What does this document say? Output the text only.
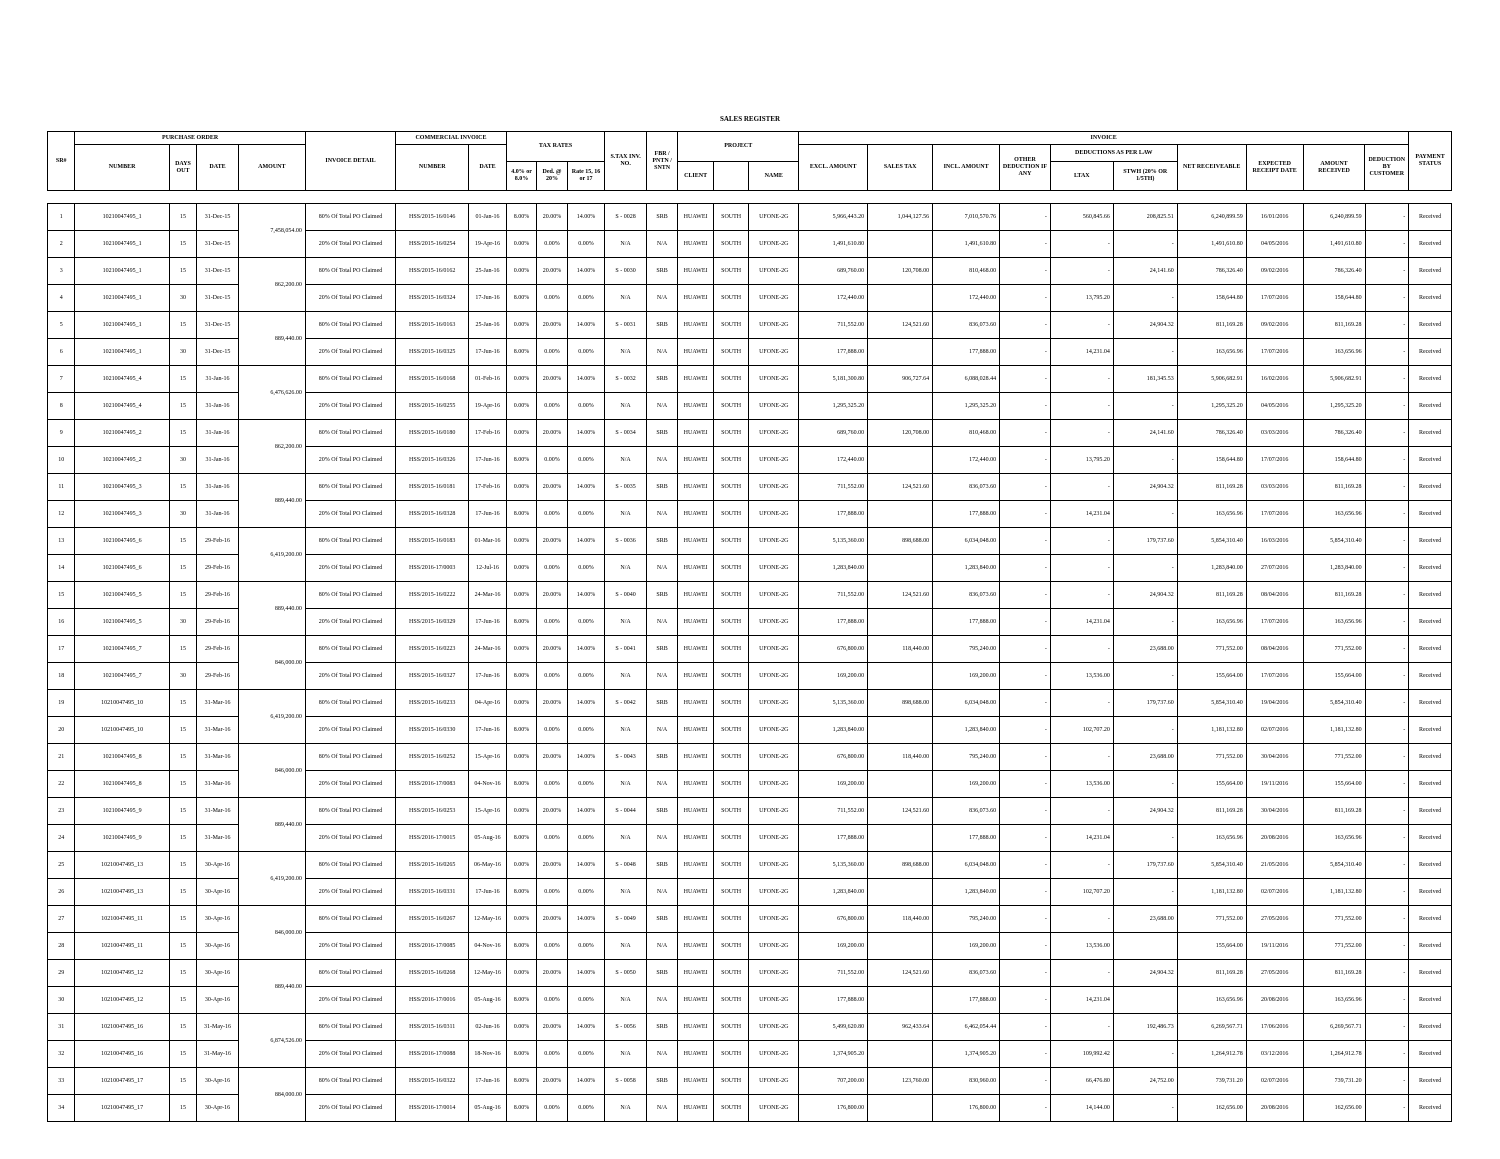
SALES REGISTER
SR#	PURCHASE ORDER				INVOICE DETAIL	COMMERCIAL INVOICE		TAX RATES			S.TAX INV. NO.	FBR / PNTN / SNTN	PROJECT			INVOICE										PAYMENT STATUS
	NUMBER	DAYS OUT	DATE	AMOUNT		NUMBER	DATE									EXCL. AMOUNT	SALES TAX	INCL. AMOUNT	OTHER DEDUCTION IF ANY	DEDUCTIONS AS PER LAW		NET RECEIVEABLE	EXPECTED RECEIPT DATE	AMOUNT RECEIVED	DEDUCTION BY CUSTOMER	
								4.0% or 8.0%	Ded. @ 20%	Rate 15, 16 or 17			CLIENT		NAME					LTAX	STWH (20% OR 1/5TH)					
1	10210047495_1	15	31-Dec-15	7,458,054.00	80% Of Total PO Claimed	HSS/2015-16/0146	01-Jan-16	8.00%	20.00%	14.00%	S - 0028	SRB	HUAWEI	SOUTH	UFONE-2G	5,966,443.20	1,044,127.56	7,010,570.76	-	560,845.66	208,825.51	6,240,899.59	16/01/2016	6,240,899.59	-	Received
2	10210047495_1	15	31-Dec-15		20% Of Total PO Claimed	HSS/2015-16/0254	19-Apr-16	0.00%	0.00%	0.00%	N/A	N/A	HUAWEI	SOUTH	UFONE-2G	1,491,610.80		1,491,610.80	-	-	-	1,491,610.80	04/05/2016	1,491,610.80	-	Received
3	10210047495_1	15	31-Dec-15	862,200.00	80% Of Total PO Claimed	HSS/2015-16/0162	25-Jan-16	0.00%	20.00%	14.00%	S - 0030	SRB	HUAWEI	SOUTH	UFONE-2G	689,760.00	120,708.00	810,468.00	-	-	24,141.60	786,326.40	09/02/2016	786,326.40	-	Received
4	10210047495_1	30	31-Dec-15		20% Of Total PO Claimed	HSS/2015-16/0324	17-Jun-16	8.00%	0.00%	0.00%	N/A	N/A	HUAWEI	SOUTH	UFONE-2G	172,440.00		172,440.00	-	13,795.20	-	158,644.80	17/07/2016	158,644.80	-	Received
5	10210047495_1	15	31-Dec-15	889,440.00	80% Of Total PO Claimed	HSS/2015-16/0163	25-Jan-16	0.00%	20.00%	14.00%	S - 0031	SRB	HUAWEI	SOUTH	UFONE-2G	711,552.00	124,521.60	836,073.60	-	-	24,904.32	811,169.28	09/02/2016	811,169.28	-	Received
6	10210047495_1	30	31-Dec-15		20% Of Total PO Claimed	HSS/2015-16/0325	17-Jun-16	8.00%	0.00%	0.00%	N/A	N/A	HUAWEI	SOUTH	UFONE-2G	177,888.00		177,888.00	-	14,231.04	-	163,656.96	17/07/2016	163,656.96	-	Received
7	10210047495_4	15	31-Jan-16	6,476,626.00	80% Of Total PO Claimed	HSS/2015-16/0168	01-Feb-16	0.00%	20.00%	14.00%	S - 0032	SRB	HUAWEI	SOUTH	UFONE-2G	5,181,300.80	906,727.64	6,088,028.44	-	-	181,345.53	5,906,682.91	16/02/2016	5,906,682.91	-	Received
8	10210047495_4	15	31-Jan-16		20% Of Total PO Claimed	HSS/2015-16/0255	19-Apr-16	0.00%	0.00%	0.00%	N/A	N/A	HUAWEI	SOUTH	UFONE-2G	1,295,325.20		1,295,325.20	-	-	-	1,295,325.20	04/05/2016	1,295,325.20	-	Received
9	10210047495_2	15	31-Jan-16	862,200.00	80% Of Total PO Claimed	HSS/2015-16/0180	17-Feb-16	0.00%	20.00%	14.00%	S - 0034	SRB	HUAWEI	SOUTH	UFONE-2G	689,760.00	120,708.00	810,468.00	-	-	24,141.60	786,326.40	03/03/2016	786,326.40	-	Received
10	10210047495_2	30	31-Jan-16		20% Of Total PO Claimed	HSS/2015-16/0326	17-Jun-16	8.00%	0.00%	0.00%	N/A	N/A	HUAWEI	SOUTH	UFONE-2G	172,440.00		172,440.00	-	13,795.20	-	158,644.80	17/07/2016	158,644.80	-	Received
11	10210047495_3	15	31-Jan-16	889,440.00	80% Of Total PO Claimed	HSS/2015-16/0181	17-Feb-16	0.00%	20.00%	14.00%	S - 0035	SRB	HUAWEI	SOUTH	UFONE-2G	711,552.00	124,521.60	836,073.60	-	-	24,904.32	811,169.28	03/03/2016	811,169.28	-	Received
12	10210047495_3	30	31-Jan-16		20% Of Total PO Claimed	HSS/2015-16/0328	17-Jun-16	8.00%	0.00%	0.00%	N/A	N/A	HUAWEI	SOUTH	UFONE-2G	177,888.00		177,888.00	-	14,231.04	-	163,656.96	17/07/2016	163,656.96	-	Received
13	10210047495_6	15	29-Feb-16	6,419,200.00	80% Of Total PO Claimed	HSS/2015-16/0183	01-Mar-16	0.00%	20.00%	14.00%	S - 0036	SRB	HUAWEI	SOUTH	UFONE-2G	5,135,360.00	898,688.00	6,034,048.00	-	-	179,737.60	5,854,310.40	16/03/2016	5,854,310.40	-	Received
14	10210047495_6	15	29-Feb-16		20% Of Total PO Claimed	HSS/2016-17/0003	12-Jul-16	0.00%	0.00%	0.00%	N/A	N/A	HUAWEI	SOUTH	UFONE-2G	1,283,840.00		1,283,840.00	-	-	-	1,283,840.00	27/07/2016	1,283,840.00	-	Received
15	10210047495_5	15	29-Feb-16	889,440.00	80% Of Total PO Claimed	HSS/2015-16/0222	24-Mar-16	0.00%	20.00%	14.00%	S - 0040	SRB	HUAWEI	SOUTH	UFONE-2G	711,552.00	124,521.60	836,073.60	-	-	24,904.32	811,169.28	08/04/2016	811,169.28	-	Received
16	10210047495_5	30	29-Feb-16		20% Of Total PO Claimed	HSS/2015-16/0329	17-Jun-16	8.00%	0.00%	0.00%	N/A	N/A	HUAWEI	SOUTH	UFONE-2G	177,888.00		177,888.00	-	14,231.04	-	163,656.96	17/07/2016	163,656.96	-	Received
17	10210047495_7	15	29-Feb-16	846,000.00	80% Of Total PO Claimed	HSS/2015-16/0223	24-Mar-16	0.00%	20.00%	14.00%	S - 0041	SRB	HUAWEI	SOUTH	UFONE-2G	676,800.00	118,440.00	795,240.00	-	-	23,688.00	771,552.00	08/04/2016	771,552.00	-	Received
18	10210047495_7	30	29-Feb-16		20% Of Total PO Claimed	HSS/2015-16/0327	17-Jun-16	8.00%	0.00%	0.00%	N/A	N/A	HUAWEI	SOUTH	UFONE-2G	169,200.00		169,200.00	-	13,536.00	-	155,664.00	17/07/2016	155,664.00	-	Received
19	10210047495_10	15	31-Mar-16	6,419,200.00	80% Of Total PO Claimed	HSS/2015-16/0233	04-Apr-16	0.00%	20.00%	14.00%	S - 0042	SRB	HUAWEI	SOUTH	UFONE-2G	5,135,360.00	898,688.00	6,034,048.00	-	-	179,737.60	5,854,310.40	19/04/2016	5,854,310.40	-	Received
20	10210047495_10	15	31-Mar-16		20% Of Total PO Claimed	HSS/2015-16/0330	17-Jun-16	8.00%	0.00%	0.00%	N/A	N/A	HUAWEI	SOUTH	UFONE-2G	1,283,840.00		1,283,840.00	-	102,707.20	-	1,181,132.80	02/07/2016	1,181,132.80	-	Received
21	10210047495_8	15	31-Mar-16	846,000.00	80% Of Total PO Claimed	HSS/2015-16/0252	15-Apr-16	0.00%	20.00%	14.00%	S - 0043	SRB	HUAWEI	SOUTH	UFONE-2G	676,800.00	118,440.00	795,240.00	-	-	23,688.00	771,552.00	30/04/2016	771,552.00	-	Received
22	10210047495_8	15	31-Mar-16		20% Of Total PO Claimed	HSS/2016-17/0083	04-Nov-16	8.00%	0.00%	0.00%	N/A	N/A	HUAWEI	SOUTH	UFONE-2G	169,200.00		169,200.00	-	13,536.00	-	155,664.00	19/11/2016	155,664.00	-	Received
23	10210047495_9	15	31-Mar-16	889,440.00	80% Of Total PO Claimed	HSS/2015-16/0253	15-Apr-16	0.00%	20.00%	14.00%	S - 0044	SRB	HUAWEI	SOUTH	UFONE-2G	711,552.00	124,521.60	836,073.60	-	-	24,904.32	811,169.28	30/04/2016	811,169.28	-	Received
24	10210047495_9	15	31-Mar-16		20% Of Total PO Claimed	HSS/2016-17/0015	05-Aug-16	8.00%	0.00%	0.00%	N/A	N/A	HUAWEI	SOUTH	UFONE-2G	177,888.00		177,888.00	-	14,231.04	-	163,656.96	20/08/2016	163,656.96	-	Received
25	10210047495_13	15	30-Apr-16	6,419,200.00	80% Of Total PO Claimed	HSS/2015-16/0265	06-May-16	0.00%	20.00%	14.00%	S - 0048	SRB	HUAWEI	SOUTH	UFONE-2G	5,135,360.00	898,688.00	6,034,048.00	-	-	179,737.60	5,854,310.40	21/05/2016	5,854,310.40	-	Received
26	10210047495_13	15	30-Apr-16		20% Of Total PO Claimed	HSS/2015-16/0331	17-Jun-16	8.00%	0.00%	0.00%	N/A	N/A	HUAWEI	SOUTH	UFONE-2G	1,283,840.00		1,283,840.00	-	102,707.20	-	1,181,132.80	02/07/2016	1,181,132.80	-	Received
27	10210047495_11	15	30-Apr-16	846,000.00	80% Of Total PO Claimed	HSS/2015-16/0267	12-May-16	0.00%	20.00%	14.00%	S - 0049	SRB	HUAWEI	SOUTH	UFONE-2G	676,800.00	118,440.00	795,240.00	-	-	23,688.00	771,552.00	27/05/2016	771,552.00	-	Received
28	10210047495_11	15	30-Apr-16		20% Of Total PO Claimed	HSS/2016-17/0085	04-Nov-16	8.00%	0.00%	0.00%	N/A	N/A	HUAWEI	SOUTH	UFONE-2G	169,200.00		169,200.00	-	13,536.00		155,664.00	19/11/2016	771,552.00	-	Received
29	10210047495_12	15	30-Apr-16	889,440.00	80% Of Total PO Claimed	HSS/2015-16/0268	12-May-16	0.00%	20.00%	14.00%	S - 0050	SRB	HUAWEI	SOUTH	UFONE-2G	711,552.00	124,521.60	836,073.60	-	-	24,904.32	811,169.28	27/05/2016	811,169.28	-	Received
30	10210047495_12	15	30-Apr-16		20% Of Total PO Claimed	HSS/2016-17/0016	05-Aug-16	8.00%	0.00%	0.00%	N/A	N/A	HUAWEI	SOUTH	UFONE-2G	177,888.00		177,888.00	-	14,231.04		163,656.96	20/08/2016	163,656.96	-	Received
31	10210047495_16	15	31-May-16	6,874,526.00	80% Of Total PO Claimed	HSS/2015-16/0311	02-Jun-16	0.00%	20.00%	14.00%	S - 0056	SRB	HUAWEI	SOUTH	UFONE-2G	5,499,620.80	962,433.64	6,462,054.44	-	-	192,486.73	6,269,567.71	17/06/2016	6,269,567.71	-	Received
32	10210047495_16	15	31-May-16		20% Of Total PO Claimed	HSS/2016-17/0088	18-Nov-16	8.00%	0.00%	0.00%	N/A	N/A	HUAWEI	SOUTH	UFONE-2G	1,374,905.20		1,374,905.20	-	109,992.42	-	1,264,912.78	03/12/2016	1,264,912.78	-	Received
33	10210047495_17	15	30-Apr-16	884,000.00	80% Of Total PO Claimed	HSS/2015-16/0322	17-Jun-16	8.00%	20.00%	14.00%	S - 0058	SRB	HUAWEI	SOUTH	UFONE-2G	707,200.00	123,760.00	830,960.00	-	66,476.80	24,752.00	739,731.20	02/07/2016	739,731.20	-	Received
34	10210047495_17	15	30-Apr-16		20% Of Total PO Claimed	HSS/2016-17/0014	05-Aug-16	8.00%	0.00%	0.00%	N/A	N/A	HUAWEI	SOUTH	UFONE-2G	176,800.00		176,800.00	-	14,144.00	-	162,656.00	20/08/2016	162,656.00	-	Received
